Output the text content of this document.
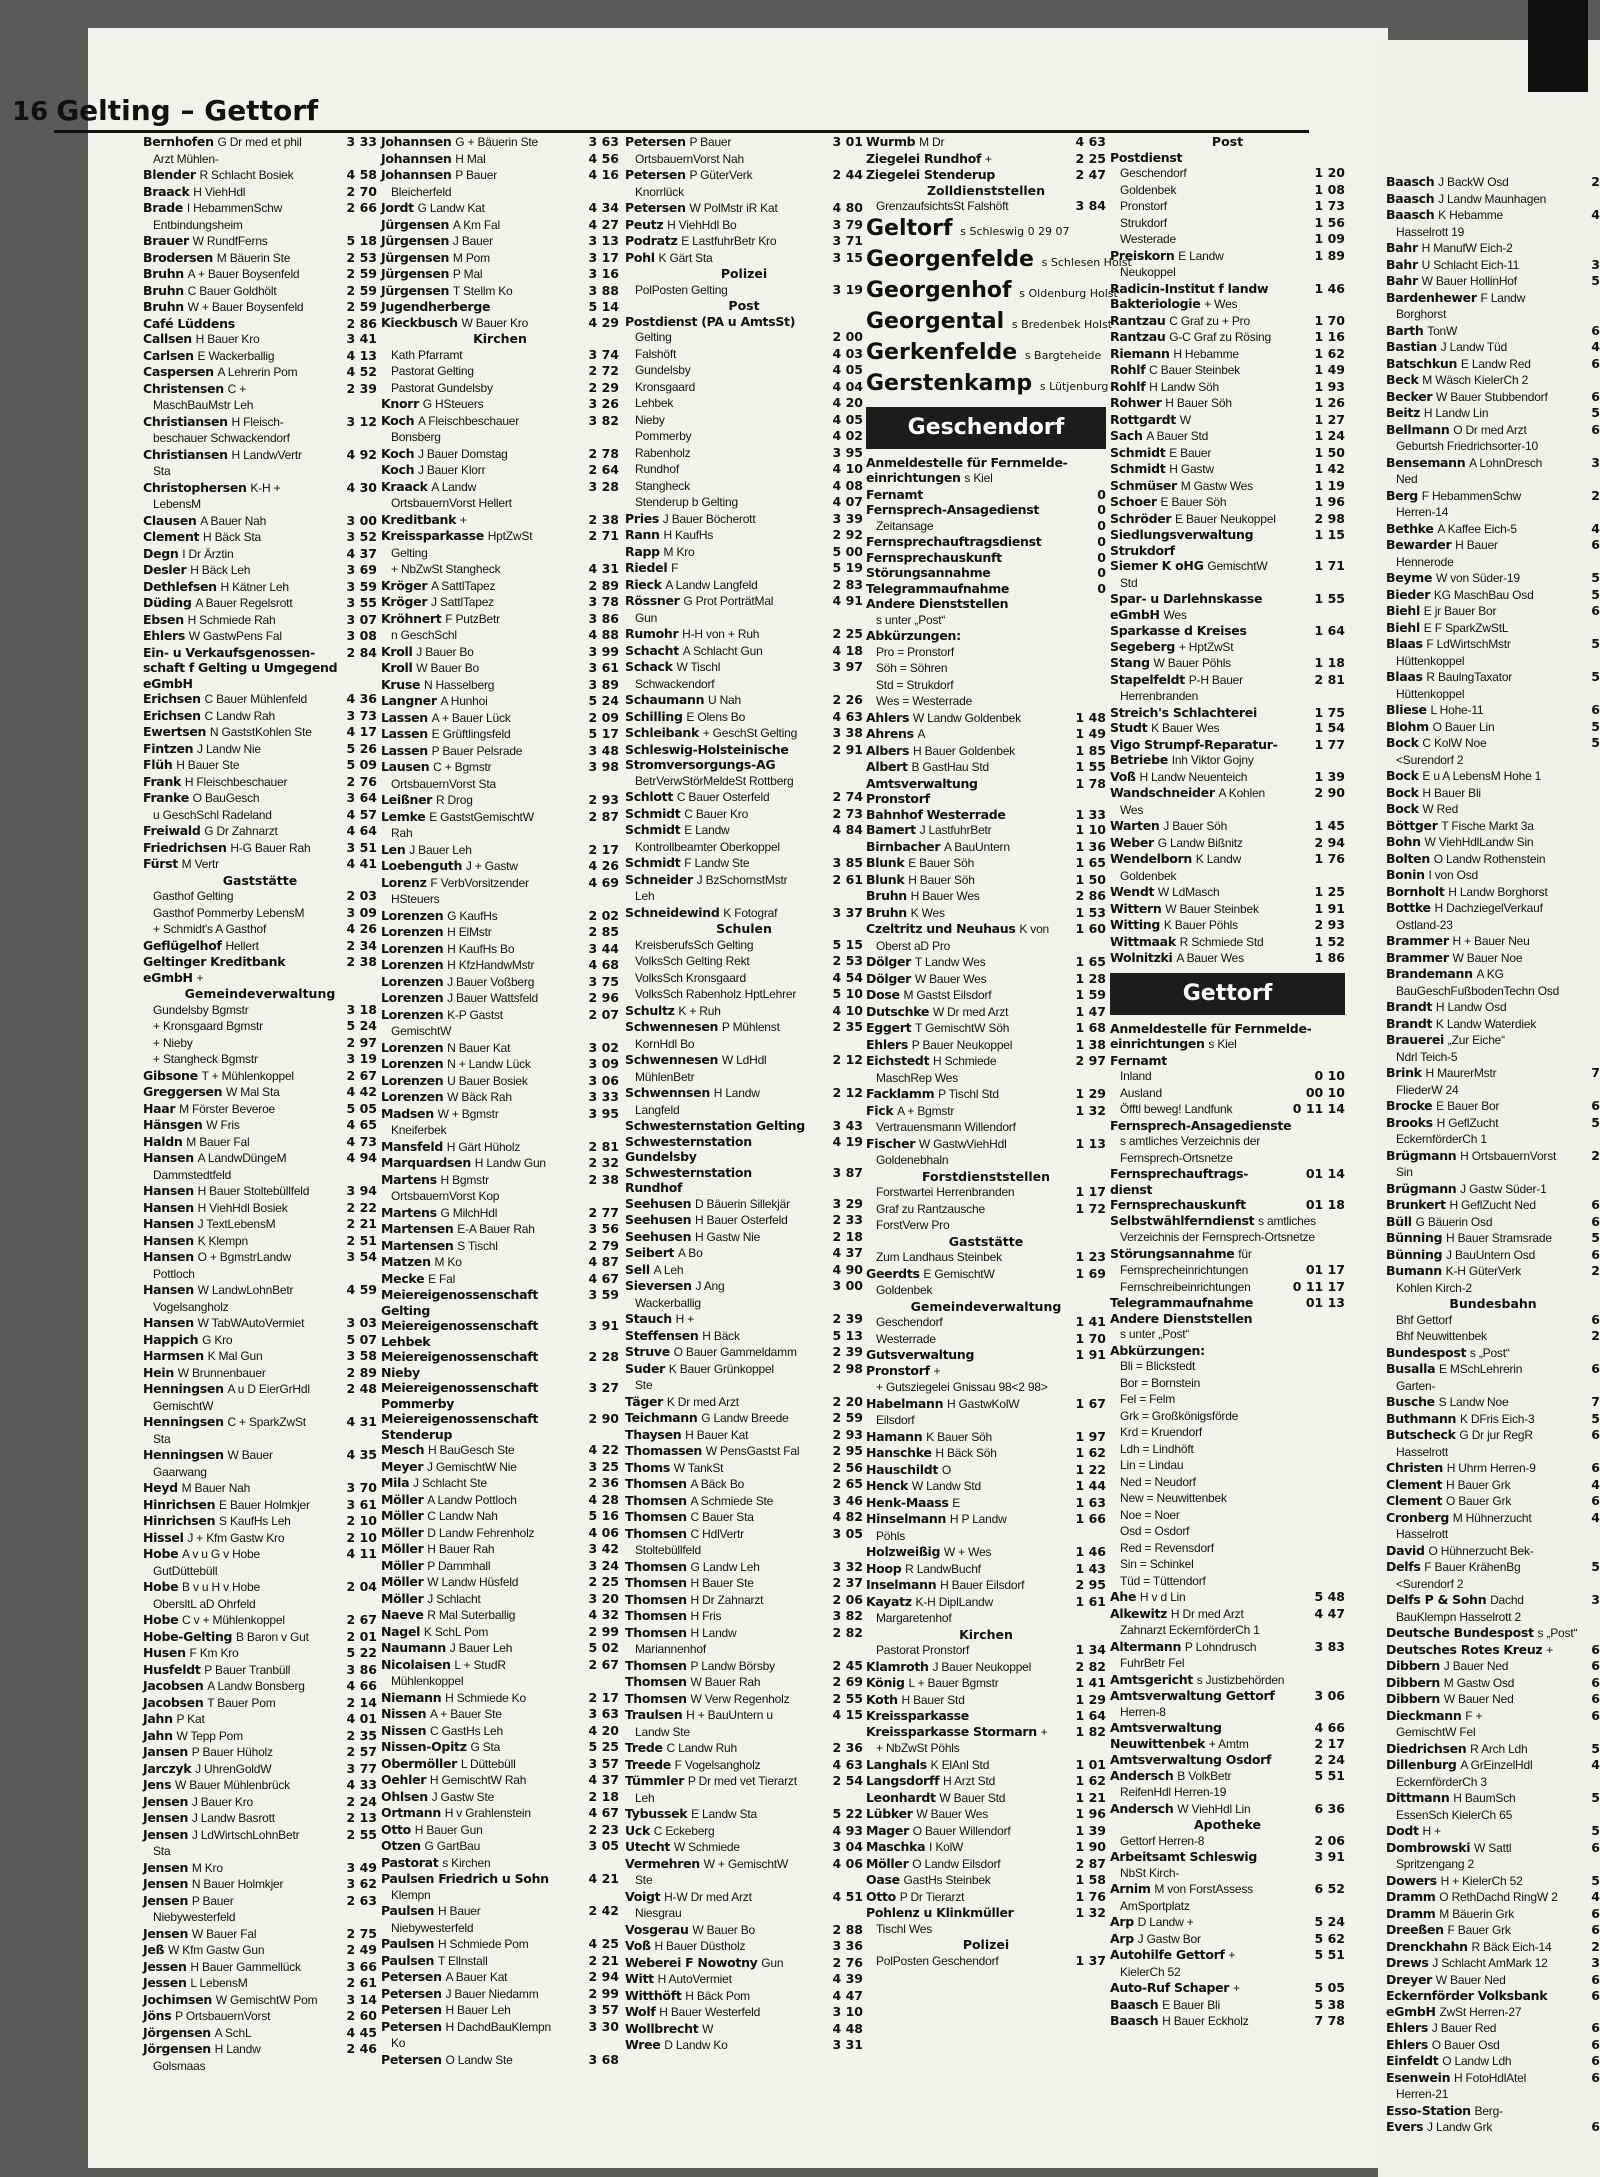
Baasch J BackW Osd	2
Baasch J Landw Maunhagen
Baasch K Hebamme	4
Hasselrott 19
Bahr H ManufW Eich-2
Bahr U Schlacht Eich-11	3
Bahr W Bauer HollinHof	5
Bardenhewer F Landw
Borghorst
Barth TonW	6
Bastian J Landw Tüd	4
Batschkun E Landw Red	6
Beck M Wäsch KielerCh 2
Becker W Bauer Stubbendorf	6
Beitz H Landw Lin	5
Bellmann O Dr med Arzt	6
Geburtsh Friedrichsorter-10
Bensemann A LohnDresch	3
Ned
Berg F HebammenSchw	2
Herren-14
Bethke A Kaffee Eich-5	4
Bewarder H Bauer	6
Hennerode
Beyme W von Süder-19	5
Bieder KG MaschBau Osd	5
Biehl E jr Bauer Bor	6
Biehl E F SparkZwStL
Blaas F LdWirtschMstr	5
Hüttenkoppel
Blaas R BaulngTaxator	5
Hüttenkoppel
Bliese L Hohe-11	6
Blohm O Bauer Lin	5
Bock C KolW Noe	5
<Surendorf 2
Bock E u A LebensM Hohe 1
Bock H Bauer Bli
Bock W Red
Böttger T Fische Markt 3a
Bohn W ViehHdlLandw Sin
Bolten O Landw Rothenstein
Bonin I von Osd
Bornholt H Landw Borghorst
Bottke H DachziegelVerkauf
Ostland-23
Brammer H + Bauer Neu
Brammer W Bauer Noe
Brandemann A KG
BauGeschFußbodenTechn Osd
Brandt H Landw Osd
Brandt K Landw Waterdiek
Brauerei „Zur Eiche“
Ndrl Teich-5
Brink H MaurerMstr	7
FliederW 24
Brocke E Bauer Bor	6
Brooks H GeflZucht	5
EckernförderCh 1
Brügmann H OrtsbauernVorst	2
Sin
Brügmann J Gastw Süder-1
Brunkert H GeflZucht Ned	6
Büll G Bäuerin Osd	6
Bünning H Bauer Stramsrade	5
Bünning J BauUntern Osd	6
Bumann K-H GüterVerk	2
Kohlen Kirch-2
Bundesbahn
Bhf Gettorf	6
Bhf Neuwittenbek	2
Bundespost s „Post“
Busalla E MSchLehrerin	6
Garten-
Busche S Landw Noe	7
Buthmann K DFris Eich-3	5
Butscheck G Dr jur RegR	6
Hasselrott
Christen H Uhrm Herren-9	6
Clement H Bauer Grk	4
Clement O Bauer Grk	6
Cronberg M Hühnerzucht	4
Hasselrott
David O Hühnerzucht Bek-
Delfs F Bauer KrähenBg	5
<Surendorf 2
Delfs P & Sohn Dachd	3
BauKlempn Hasselrott 2
Deutsche Bundespost s „Post“
Deutsches Rotes Kreuz +	6
Dibbern J Bauer Ned	6
Dibbern M Gastw Osd	6
Dibbern W Bauer Ned	6
Dieckmann F +	6
GemischtW Fel
Diedrichsen R Arch Ldh	5
Dillenburg A GrEinzelHdl	4
EckernförderCh 3
Dittmann H BaumSch	5
EssenSch KielerCh 65
Dodt H +	5
Dombrowski W Sattl	6
Spritzengang 2
Dowers H + KielerCh 52	5
Dramm O RethDachd RingW 2	4
Dramm M Bäuerin Grk	6
Dreeßen F Bauer Grk	6
Drenckhahn R Bäck Eich-14	2
Drews J Schlacht AmMark 12	3
Dreyer W Bauer Ned	6
Eckernförder Volksbank	6
eGmbH ZwSt Herren-27
Ehlers J Bauer Red	6
Ehlers O Bauer Osd	6
Einfeldt O Landw Ldh	6
Esenwein H FotoHdlAtel	6
Herren-21
Esso-Station Berg-
Evers J Landw Grk	6
16 Gelting – Gettorf
Bernhofen G Dr med et phil	3 33
Arzt Mühlen-
Blender R Schlacht Bosiek	4 58
Braack H ViehHdl	2 70
Brade I HebammenSchw	2 66
Entbindungsheim
Brauer W RundfFerns	5 18
Brodersen M Bäuerin Ste	2 53
Bruhn A + Bauer Boysenfeld	2 59
Bruhn C Bauer Goldhölt	2 59
Bruhn W + Bauer Boysenfeld	2 59
Café Lüddens	2 86
Callsen H Bauer Kro	3 41
Carlsen E Wackerballig	4 13
Caspersen A Lehrerin Pom	4 52
Christensen C +	2 39
MaschBauMstr Leh
Christiansen H Fleisch-	3 12
beschauer Schwackendorf
Christiansen H LandwVertr	4 92
Sta
Christophersen K-H +	4 30
LebensM
Clausen A Bauer Nah	3 00
Clement H Bäck Sta	3 52
Degn I Dr Ärztin	4 37
Desler H Bäck Leh	3 69
Dethlefsen H Kätner Leh	3 59
Düding A Bauer Regelsrott	3 55
Ebsen H Schmiede Rah	3 07
Ehlers W GastwPens Fal	3 08
Ein- u Verkaufsgenossen-	2 84
schaft f Gelting u Umgegend
eGmbH
Erichsen C Bauer Mühlenfeld	4 36
Erichsen C Landw Rah	3 73
Ewertsen N GaststKohlen Ste	4 17
Fintzen J Landw Nie	5 26
Flüh H Bauer Ste	5 09
Frank H Fleischbeschauer	2 76
Franke O BauGesch	3 64
u GeschSchl Radeland	4 57
Freiwald G Dr Zahnarzt	4 64
Friedrichsen H-G Bauer Rah	3 51
Fürst M Vertr	4 41
Gaststätte
Gasthof Gelting	2 03
Gasthof Pommerby LebensM	3 09
+ Schmidt's A Gasthof	4 26
Geflügelhof Hellert	2 34
Geltinger Kreditbank	2 38
eGmbH +
Gemeindeverwaltung
Gundelsby Bgmstr	3 18
+ Kronsgaard Bgmstr	5 24
+ Nieby	2 97
+ Stangheck Bgmstr	3 19
Gibsone T + Mühlenkoppel	2 67
Greggersen W Mal Sta	4 42
Haar M Förster Beveroe	5 05
Hänsgen W Fris	4 65
Haldn M Bauer Fal	4 73
Hansen A LandwDüngeM	4 94
Dammstedtfeld
Hansen H Bauer Stoltebüllfeld	3 94
Hansen H ViehHdl Bosiek	2 22
Hansen J TextLebensM	2 21
Hansen K Klempn	2 51
Hansen O + BgmstrLandw	3 54
Pottloch
Hansen W LandwLohnBetr	4 59
Vogelsangholz
Hansen W TabWAutoVermiet	3 03
Happich G Kro	5 07
Harmsen K Mal Gun	3 58
Hein W Brunnenbauer	2 89
Henningsen A u D EierGrHdl	2 48
GemischtW
Henningsen C + SparkZwSt	4 31
Sta
Henningsen W Bauer	4 35
Gaarwang
Heyd M Bauer Nah	3 70
Hinrichsen E Bauer Holmkjer	3 61
Hinrichsen S KaufHs Leh	2 10
Hissel J + Kfm Gastw Kro	2 10
Hobe A v u G v Hobe	4 11
GutDüttebüll
Hobe B v u H v Hobe	2 04
ObersltL aD Ohrfeld
Hobe C v + Mühlenkoppel	2 67
Hobe-Gelting B Baron v Gut	2 01
Husen F Km Kro	5 22
Husfeldt P Bauer Tranbüll	3 86
Jacobsen A Landw Bonsberg	4 66
Jacobsen T Bauer Pom	2 14
Jahn P Kat	4 01
Jahn W Tepp Pom	2 35
Jansen P Bauer Hüholz	2 57
Jarczyk J UhrenGoldW	3 77
Jens W Bauer Mühlenbrück	4 33
Jensen J Bauer Kro	2 24
Jensen J Landw Basrott	2 13
Jensen J LdWirtschLohnBetr	2 55
Sta
Jensen M Kro	3 49
Jensen N Bauer Holmkjer	3 62
Jensen P Bauer	2 63
Niebywesterfeld
Jensen W Bauer Fal	2 75
Jeß W Kfm Gastw Gun	2 49
Jessen H Bauer Gammellück	3 66
Jessen L LebensM	2 61
Jochimsen W GemischtW Pom 3 14
Jöns P OrtsbauernVorst	2 60
Jörgensen A SchL	4 45
Jörgensen H Landw	2 46
Golsmaas
Johannsen G + Bäuerin Ste	3 63
Johannsen H Mal	4 56
Johannsen P Bauer	4 16
Bleicherfeld
Jordt G Landw Kat	4 34
Jürgensen A Km Fal	4 27
Jürgensen J Bauer	3 13
Jürgensen M Pom	3 17
Jürgensen P Mal	3 16
Jürgensen T Stellm Ko	3 88
Jugendherberge	5 14
Kieckbusch W Bauer Kro	4 29
Kirchen
Kath Pfarramt	3 74
Pastorat Gelting	2 72
Pastorat Gundelsby	2 29
Knorr G HSteuers	3 26
Koch A Fleischbeschauer	3 82
Bonsberg
Koch J Bauer Domstag	2 78
Koch J Bauer Klorr	2 64
Kraack A Landw	3 28
OrtsbauernVorst Hellert
Kreditbank +	2 38
Kreissparkasse HptZwSt	2 71
Gelting
+ NbZwSt Stangheck	4 31
Kröger A SattlTapez	2 89
Kröger J SattlTapez	3 78
Kröhnert F PutzBetr	3 86
n GeschSchl	4 88
Kroll J Bauer Bo	3 99
Kroll W Bauer Bo	3 61
Kruse N Hasselberg	3 89
Langner A Hunhoi	5 24
Lassen A + Bauer Lück	2 09
Lassen E Grüftlingsfeld	5 17
Lassen P Bauer Pelsrade	3 48
Lausen C + Bgmstr	3 98
OrtsbauernVorst Sta
Leißner R Drog	2 93
Lemke E GaststGemischtW	2 87
Rah
Len J Bauer Leh	2 17
Loebenguth J + Gastw	4 26
Lorenz F VerbVorsitzender	4 69
HSteuers
Lorenzen G KaufHs	2 02
Lorenzen H ElMstr	2 85
Lorenzen H KaufHs Bo	3 44
Lorenzen H KfzHandwMstr	4 68
Lorenzen J Bauer Voßberg	3 75
Lorenzen J Bauer Wattsfeld	2 96
Lorenzen K-P Gastst	2 07
GemischtW
Lorenzen N Bauer Kat	3 02
Lorenzen N + Landw Lück	3 09
Lorenzen U Bauer Bosiek	3 06
Lorenzen W Bäck Rah	3 33
Madsen W + Bgmstr	3 95
Kneiferbek
Mansfeld H Gärt Hüholz	2 81
Marquardsen H Landw Gun	2 32
Martens H Bgmstr	2 38
OrtsbauernVorst Kop
Martens G MilchHdl	2 77
Martensen E-A Bauer Rah	3 56
Martensen S Tischl	2 79
Matzen M Ko	4 87
Mecke E Fal	4 67
Meiereigenossenschaft	3 59
Gelting
Meiereigenossenschaft	3 91
Lehbek
Meiereigenossenschaft	2 28
Nieby
Meiereigenossenschaft	3 27
Pommerby
Meiereigenossenschaft	2 90
Stenderup
Mesch H BauGesch Ste	4 22
Meyer J GemischtW Nie	3 25
Mila J Schlacht Ste	2 36
Möller A Landw Pottloch	4 28
Möller C Landw Nah	5 16
Möller D Landw Fehrenholz	4 06
Möller H Bauer Rah	3 42
Möller P Dammhall	3 24
Möller W Landw Hüsfeld	2 25
Möller J Schlacht	3 20
Naeve R Mal Suterballig	4 32
Nagel K SchL Pom	2 99
Naumann J Bauer Leh	5 02
Nicolaisen L + StudR	2 67
Mühlenkoppel
Niemann H Schmiede Ko	2 17
Nissen A + Bauer Ste	3 63
Nissen C GastHs Leh	4 20
Nissen-Opitz G Sta	5 25
Obermöller L Düttebüll	3 57
Oehler H GemischtW Rah	4 37
Ohlsen J Gastw Ste	2 18
Ortmann H v Grahlenstein	4 67
Otto H Bauer Gun	2 23
Otzen G GartBau	3 05
Pastorat s Kirchen
Paulsen Friedrich u Sohn	4 21
Klempn
Paulsen H Bauer	2 42
Niebywesterfeld
Paulsen H Schmiede Pom	4 25
Paulsen T Ellnstall	2 21
Petersen A Bauer Kat	2 94
Petersen J Bauer Niedamm	2 99
Petersen H Bauer Leh	3 57
Petersen H DachdBauKlempn	3 30
Ko
Petersen O Landw Ste	3 68
Petersen P Bauer	3 01
OrtsbauernVorst Nah
Petersen P GüterVerk	2 44
Knorrlück
Petersen W PolMstr iR Kat	4 80
Peutz H ViehHdl Bo	3 79
Podratz E LastfuhrBetr Kro	3 71
Pohl K Gärt Sta	3 15
Polizei
PolPosten Gelting	3 19
Post
Postdienst (PA u AmtsSt)
Gelting	2 00
Falshöft	4 03
Gundelsby	4 05
Kronsgaard	4 04
Lehbek	4 20
Nieby	4 05
Pommerby	4 02
Rabenholz	3 95
Rundhof	4 10
Stangheck	4 08
Stenderup b Gelting	4 07
Pries J Bauer Böcherott	3 39
Rann H KaufHs	2 92
Rapp M Kro	5 00
Riedel F	5 19
Rieck A Landw Langfeld	2 83
Rössner G Prot PorträtMal	4 91
Gun
Rumohr H-H von + Ruh	2 25
Schacht A Schlacht Gun	4 18
Schack W Tischl	3 97
Schwackendorf
Schaumann U Nah	2 26
Schilling E Olens Bo	4 63
Schleibank + GeschSt Gelting	3 38
Schleswig-Holsteinische	2 91
Stromversorgungs-AG
BetrVerwStörMeldeSt Rottberg
Schlott C Bauer Osterfeld	2 74
Schmidt C Bauer Kro	2 73
Schmidt E Landw	4 84
Kontrollbeamter Oberkoppel
Schmidt F Landw Ste	3 85
Schneider J BzSchornstMstr	2 61
Leh
Schneidewind K Fotograf	3 37
Schulen
KreisberufsSch Gelting	5 15
VolksSch Gelting Rekt	2 53
VolksSch Kronsgaard	4 54
VolksSch Rabenholz HptLehrer	5 10
Schultz K + Ruh	4 10
Schwennesen P Mühlenst	2 35
KornHdl Bo
Schwennesen W LdHdl	2 12
MühlenBetr
Schwennsen H Landw	2 12
Langfeld
Schwesternstation Gelting 3 43
Schwesternstation	4 19
Gundelsby
Schwesternstation	3 87
Rundhof
Seehusen D Bäuerin Sillekjär	3 29
Seehusen H Bauer Osterfeld	2 33
Seehusen H Gastw Nie	2 18
Seibert A Bo	4 37
Sell A Leh	4 90
Sieversen J Ang	3 00
Wackerballig
Stauch H +	2 39
Steffensen H Bäck	5 13
Struve O Bauer Gammeldamm	2 39
Suder K Bauer Grünkoppel	2 98
Ste
Täger K Dr med Arzt	2 20
Teichmann G Landw Breede	2 59
Thaysen H Bauer Kat	2 93
Thomassen W PensGastst Fal	2 95
Thoms W TankSt	2 56
Thomsen A Bäck Bo	2 65
Thomsen A Schmiede Ste	3 46
Thomsen C Bauer Sta	4 82
Thomsen C HdlVertr	3 05
Stoltebüllfeld
Thomsen G Landw Leh	3 32
Thomsen H Bauer Ste	2 37
Thomsen H Dr Zahnarzt	2 06
Thomsen H Fris	3 82
Thomsen H Landw	2 82
Mariannenhof
Thomsen P Landw Börsby	2 45
Thomsen W Bauer Rah	2 69
Thomsen W Verw Regenholz	2 55
Traulsen H + BauUntern u	4 15
Landw Ste
Trede C Landw Ruh	2 36
Treede F Vogelsangholz	4 63
Tümmler P Dr med vet Tierarzt	2 54
Leh
Tybussek E Landw Sta	5 22
Uck C Eckeberg	4 93
Utecht W Schmiede	3 04
Vermehren W + GemischtW	4 06
Ste
Voigt H-W Dr med Arzt	4 51
Niesgrau
Vosgerau W Bauer Bo	2 88
Voß H Bauer Düstholz	3 36
Weberei F Nowotny Gun	2 76
Witt H AutoVermiet	4 39
Witthöft H Bäck Pom	4 47
Wolf H Bauer Westerfeld	3 10
Wollbrecht W	4 48
Wree D Landw Ko	3 31
Wurmb M Dr	4 63
Ziegelei Rundhof +	2 25
Ziegelei Stenderup	2 47
Zolldienststellen
GrenzaufsichtsSt Falshöft	3 84
Geltorf s Schleswig 0 29 07
Georgenfelde s Schlesen Holst
Georgenhof s Oldenburg Holst
Georgental s Bredenbek Holst
Gerkenfelde s Bargteheide
Gerstenkamp s Lütjenburg
Geschendorf
Anmeldestelle für Fernmelde-
einrichtungen s Kiel
Fernamt	0
Fernsprech-Ansagedienst	0
Zeitansage	0
Fernsprechauftragsdienst	0
Fernsprechauskunft	0
Störungsannahme	0
Telegrammaufnahme	0
Andere Dienststellen
s unter „Post“
Abkürzungen:
Pro = Pronstorf
Söh = Söhren
Std = Strukdorf
Wes = Westerrade
Ahlers W Landw Goldenbek	1 48
Ahrens A	1 49
Albers H Bauer Goldenbek	1 85
Albert B GastHau Std	1 55
Amtsverwaltung	1 78
Pronstorf
Bahnhof Westerrade	1 33
Bamert J LastfuhrBetr	1 10
Birnbacher A BauUntern	1 36
Blunk E Bauer Söh	1 65
Blunk H Bauer Söh	1 50
Bruhn H Bauer Wes	2 86
Bruhn K Wes	1 53
Czeltritz und Neuhaus K von 1 60
Oberst aD Pro
Dölger T Landw Wes	1 65
Dölger W Bauer Wes	1 28
Dose M Gastst Eilsdorf	1 59
Dutschke W Dr med Arzt	1 47
Eggert T GemischtW Söh	1 68
Ehlers P Bauer Neukoppel	1 38
Eichstedt H Schmiede	2 97
MaschRep Wes
Facklamm P Tischl Std	1 29
Fick A + Bgmstr	1 32
Vertrauensmann Willendorf
Fischer W GastwViehHdl	1 13
Goldenebhaln
Forstdienststellen
Forstwartei Herrenbranden	1 17
Graf zu Rantzausche	1 72
ForstVerw Pro
Gaststätte
Zum Landhaus Steinbek	1 23
Geerdts E GemischtW	1 69
Goldenbek
Gemeindeverwaltung
Geschendorf	1 41
Westerrade	1 70
Gutsverwaltung	1 91
Pronstorf +
+ Gutsziegelei Gnissau 98<2 98>
Habelmann H GastwKolW	1 67
Eilsdorf
Hamann K Bauer Söh	1 97
Hanschke H Bäck Söh	1 62
Hauschildt O	1 22
Henck W Landw Std	1 44
Henk-Maass E	1 63
Hinselmann H P Landw	1 66
Pöhls
Holzweißig W + Wes	1 46
Hoop R LandwBuchf	1 43
Inselmann H Bauer Eilsdorf	2 95
Kayatz K-H DiplLandw	1 61
Margaretenhof
Kirchen
Pastorat Pronstorf	1 34
Klamroth J Bauer Neukoppel	2 82
König L + Bauer Bgmstr	1 41
Koth H Bauer Std	1 29
Kreissparkasse	1 64
Kreissparkasse Stormarn + 1 82
+ NbZwSt Pöhls
Langhals K ElAnl Std	1 01
Langsdorff H Arzt Std	1 62
Leonhardt W Bauer Std	1 21
Lübker W Bauer Wes	1 96
Mager O Bauer Willendorf	1 39
Maschka I KolW	1 90
Möller O Landw Eilsdorf	2 87
Oase GastHs Steinbek	1 58
Otto P Dr Tierarzt	1 76
Pohlenz u Klinkmüller	1 32
Tischl Wes
Polizei
PolPosten Geschendorf	1 37
Post
Postdienst
Geschendorf	1 20
Goldenbek	1 08
Pronstorf	1 73
Strukdorf	1 56
Westerade	1 09
Preiskorn E Landw	1 89
Neukoppel
Radicin-Institut f landw	1 46
Bakteriologie + Wes
Rantzau C Graf zu + Pro	1 70
Rantzau G-C Graf zu Rösing	1 16
Riemann H Hebamme	1 62
Rohlf C Bauer Steinbek	1 49
Rohlf H Landw Söh	1 93
Rohwer H Bauer Söh	1 26
Rottgardt W	1 27
Sach A Bauer Std	1 24
Schmidt E Bauer	1 50
Schmidt H Gastw	1 42
Schmüser M Gastw Wes	1 19
Schoer E Bauer Söh	1 96
Schröder E Bauer Neukoppel	2 98
Siedlungsverwaltung	1 15
Strukdorf
Siemer K oHG GemischtW	1 71
Std
Spar- u Darlehnskasse	1 55
eGmbH Wes
Sparkasse d Kreises	1 64
Segeberg + HptZwSt
Stang W Bauer Pöhls	1 18
Stapelfeldt P-H Bauer	2 81
Herrenbranden
Streich's Schlachterei	1 75
Studt K Bauer Wes	1 54
Vigo Strumpf-Reparatur-	1 77
Betriebe Inh Viktor Gojny
Voß H Landw Neuenteich	1 39
Wandschneider A Kohlen	2 90
Wes
Warten J Bauer Söh	1 45
Weber G Landw Bißnitz	2 94
Wendelborn K Landw	1 76
Goldenbek
Wendt W LdMasch	1 25
Wittern W Bauer Steinbek	1 91
Witting K Bauer Pöhls	2 93
Wittmaak R Schmiede Std	1 52
Wolnitzki A Bauer Wes	1 86
Gettorf
Anmeldestelle für Fernmelde-
einrichtungen s Kiel
Fernamt
Inland	0 10
Ausland	00 10
Öfftl beweg! Landfunk	0 11 14
Fernsprech-Ansagedienste
s amtliches Verzeichnis der
Fernsprech-Ortsnetze
Fernsprechauftrags-	01 14
dienst
Fernsprechauskunft	01 18
Selbstwählferndienst s amtliches
Verzeichnis der Fernsprech-Ortsnetze
Störungsannahme für
Fernsprecheinrichtungen	01 17
Fernschreibeinrichtungen	0 11 17
Telegrammaufnahme	01 13
Andere Dienststellen
s unter „Post“
Abkürzungen:
Bli = Blickstedt
Bor = Bornstein
Fel = Felm
Grk = Großkönigsförde
Krd = Kruendorf
Ldh = Lindhöft
Lin = Lindau
Ned = Neudorf
New = Neuwittenbek
Noe = Noer
Osd = Osdorf
Red = Revensdorf
Sin = Schinkel
Tüd = Tüttendorf
Ahe H v d Lin	5 48
Alkewitz H Dr med Arzt	4 47
Zahnarzt EckernförderCh 1
Altermann P Lohndrusch	3 83
FuhrBetr Fel
Amtsgericht s Justizbehörden
Amtsverwaltung Gettorf	3 06
Herren-8
Amtsverwaltung	4 66
Neuwittenbek + Amtm	2 17
Amtsverwaltung Osdorf	2 24
Andersch B VolkBetr	5 51
ReifenHdl Herren-19
Andersch W ViehHdl Lin	6 36
Apotheke
Gettorf Herren-8	2 06
Arbeitsamt Schleswig	3 91
NbSt Kirch-
Arnim M von ForstAssess	6 52
AmSportplatz
Arp D Landw +	5 24
Arp J Gastw Bor	5 62
Autohilfe Gettorf +	5 51
KielerCh 52
Auto-Ruf Schaper +	5 05
Baasch E Bauer Bli	5 38
Baasch H Bauer Eckholz	7 78
